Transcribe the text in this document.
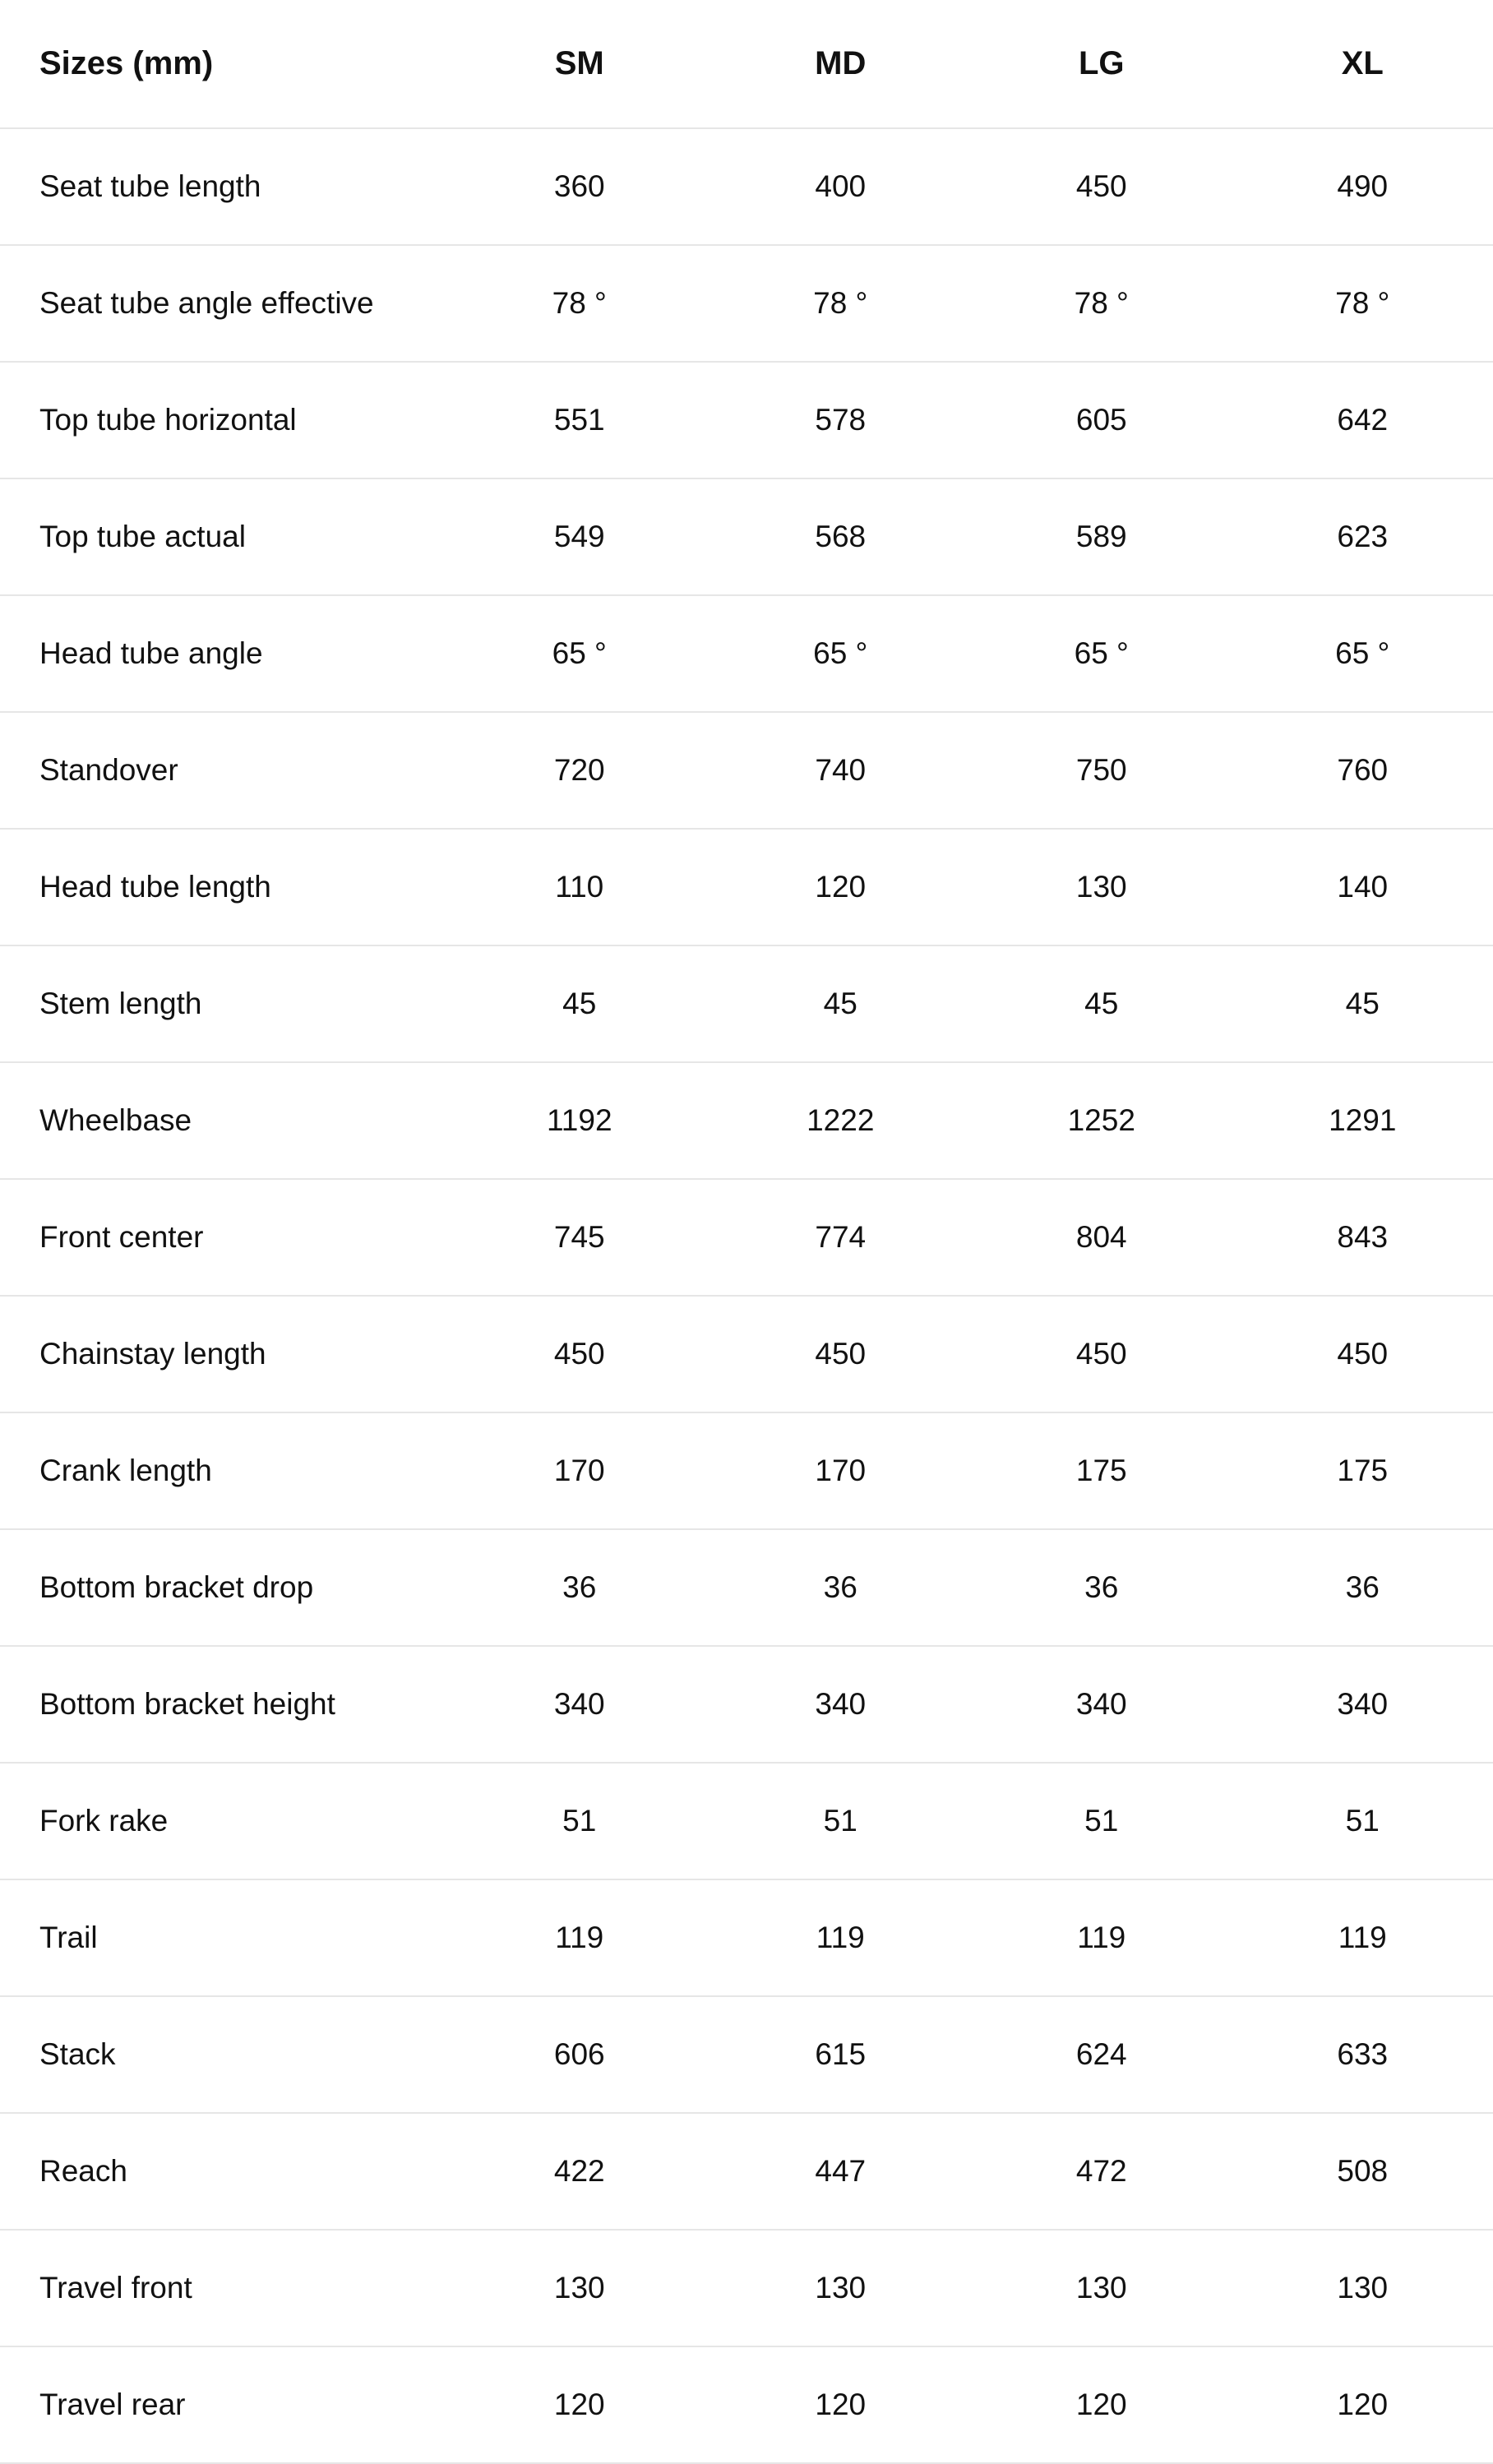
Sizes (mm)	SM	MD	LG	XL
Seat tube length	360	400	450	490
Seat tube angle effective	78 °	78 °	78 °	78 °
Top tube horizontal	551	578	605	642
Top tube actual	549	568	589	623
Head tube angle	65 °	65 °	65 °	65 °
Standover	720	740	750	760
Head tube length	110	120	130	140
Stem length	45	45	45	45
Wheelbase	1192	1222	1252	1291
Front center	745	774	804	843
Chainstay length	450	450	450	450
Crank length	170	170	175	175
Bottom bracket drop	36	36	36	36
Bottom bracket height	340	340	340	340
Fork rake	51	51	51	51
Trail	119	119	119	119
Stack	606	615	624	633
Reach	422	447	472	508
Travel front	130	130	130	130
Travel rear	120	120	120	120
